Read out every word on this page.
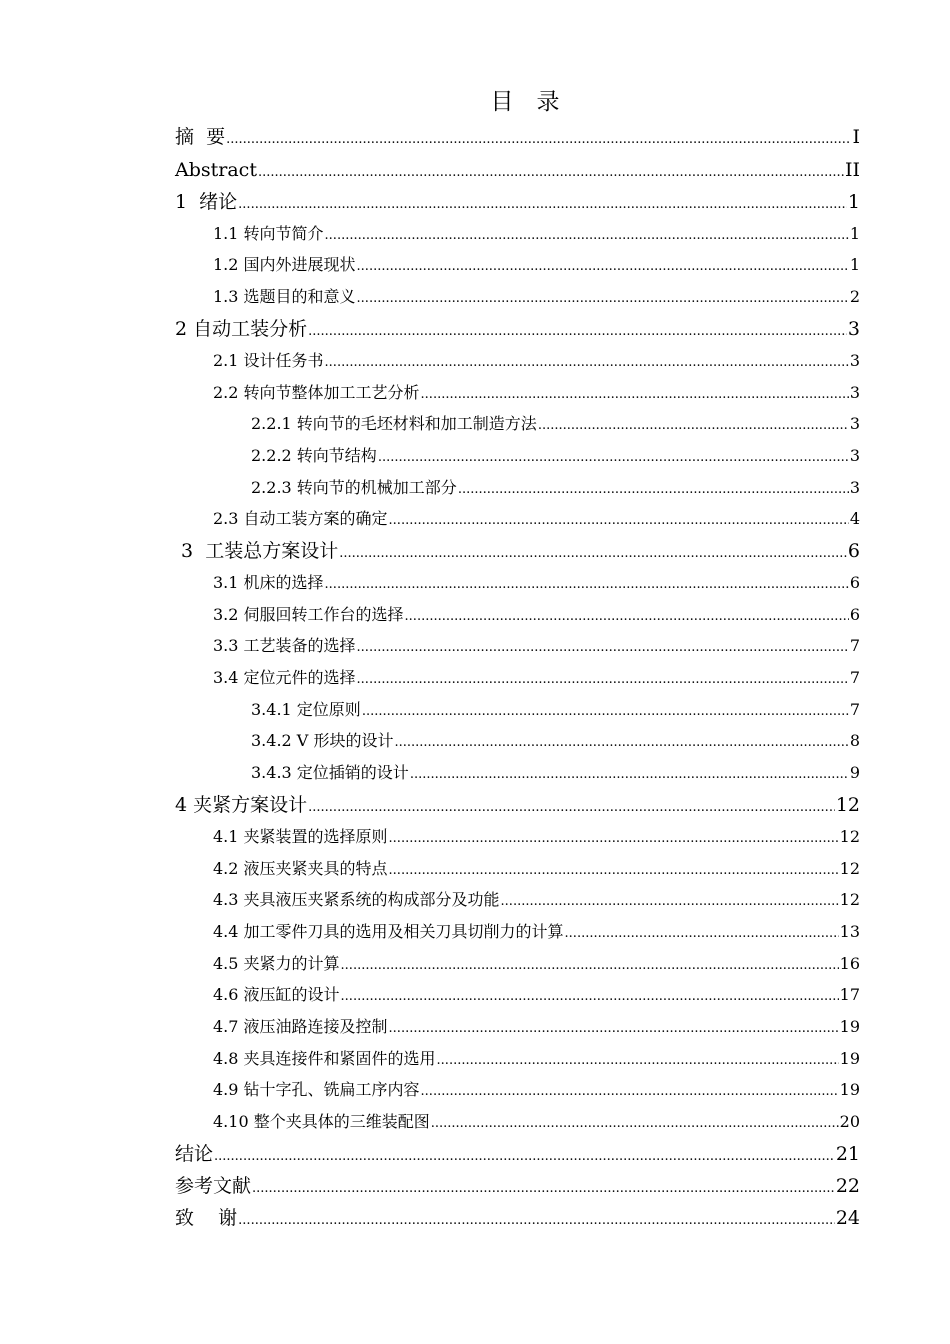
目　录
摘  要 .....	I
Abstract .....	II
1  绪论 .....	1
1.1 转向节简介 .....	1
1.2 国内外进展现状 .....	1
1.3 选题目的和意义 .....	2
2 自动工装分析 .....	3
2.1 设计任务书 .....	3
2.2 转向节整体加工工艺分析 .....	3
2.2.1 转向节的毛坯材料和加工制造方法 .....	3
2.2.2 转向节结构 .....	3
2.2.3 转向节的机械加工部分 .....	3
2.3 自动工装方案的确定 .....	4
3  工装总方案设计 .....	6
3.1 机床的选择 .....	6
3.2 伺服回转工作台的选择 .....	6
3.3 工艺装备的选择 .....	7
3.4 定位元件的选择 .....	7
3.4.1 定位原则 .....	7
3.4.2 V 形块的设计 .....	8
3.4.3 定位插销的设计 .....	9
4 夹紧方案设计 .....	12
4.1 夹紧装置的选择原则 .....	12
4.2 液压夹紧夹具的特点 .....	12
4.3 夹具液压夹紧系统的构成部分及功能 .....	12
4.4 加工零件刀具的选用及相关刀具切削力的计算 .....	13
4.5 夹紧力的计算 .....	16
4.6 液压缸的设计 .....	17
4.7 液压油路连接及控制 .....	19
4.8 夹具连接件和紧固件的选用 .....	19
4.9 钻十字孔、铣扁工序内容 .....	19
4.10 整个夹具体的三维装配图 .....	20
结论 .....	21
参考文献 .....	22
致    谢 .....	24
